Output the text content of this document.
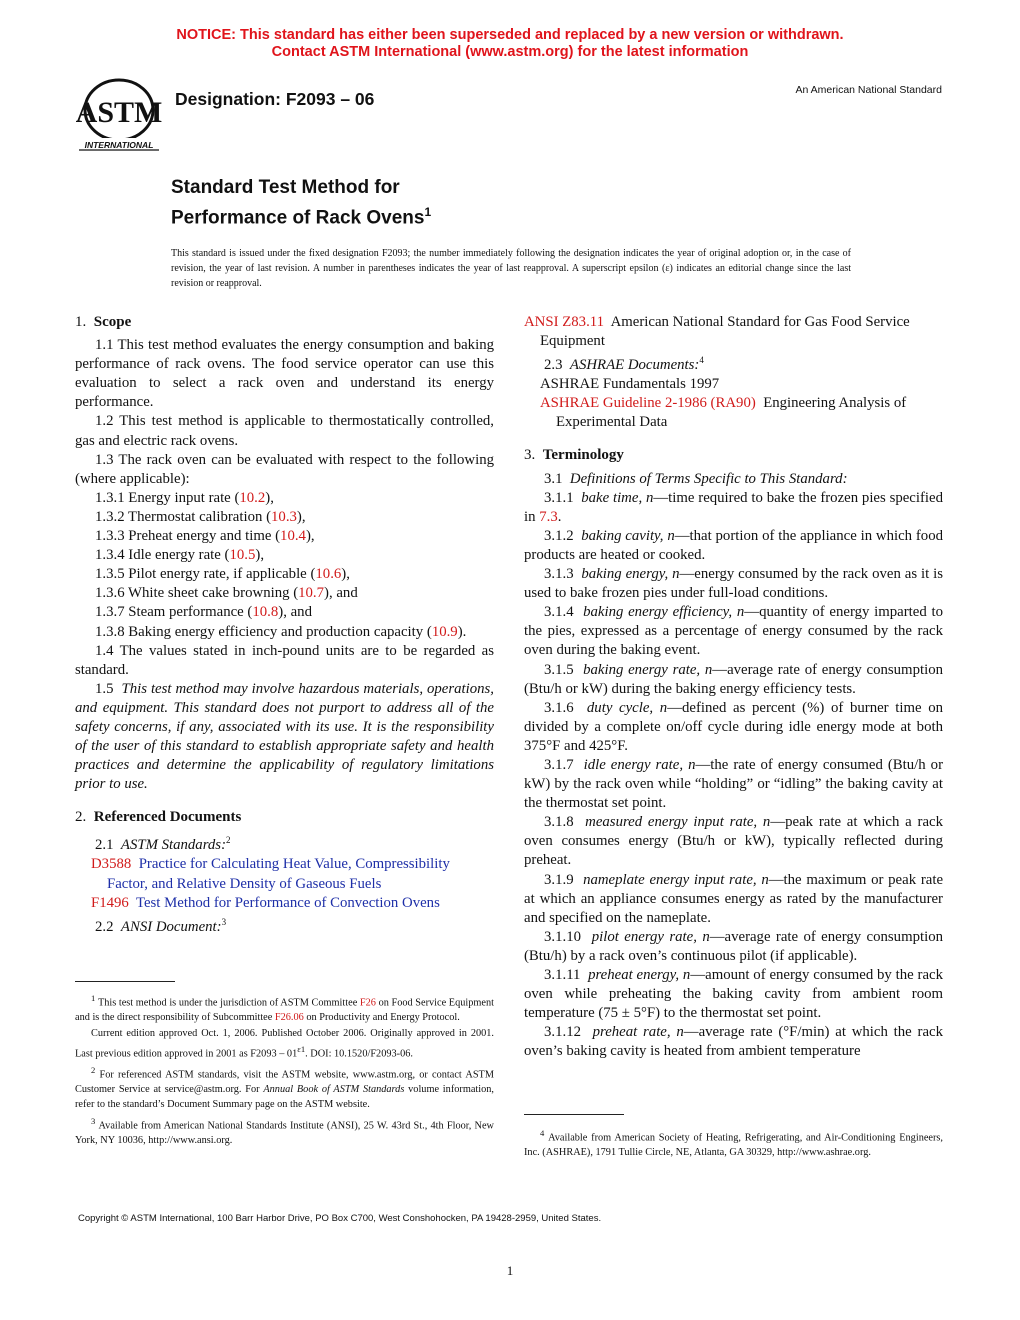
NOTICE: This standard has either been superseded and replaced by a new version or withdrawn.
Contact ASTM International (www.astm.org) for the latest information
ASTM
INTERNATIONAL
Designation: F2093 – 06	An American National Standard
Standard Test Method for
Performance of Rack Ovens$^1$
This standard is issued under the fixed designation F2093; the number immediately following the designation indicates the year of original adoption or, in the case of revision, the year of last revision. A number in parentheses indicates the year of last reapproval. A superscript epsilon (ε) indicates an editorial change since the last revision or reapproval.
1. Scope

1.1 This test method evaluates the energy consumption and baking performance of rack ovens. The food service operator can use this evaluation to select a rack oven and understand its energy performance.

1.2 This test method is applicable to thermostatically controlled, gas and electric rack ovens.

1.3 The rack oven can be evaluated with respect to the following (where applicable):

1.3.1 Energy input rate (10.2),

1.3.2 Thermostat calibration (10.3),

1.3.3 Preheat energy and time (10.4),

1.3.4 Idle energy rate (10.5),

1.3.5 Pilot energy rate, if applicable (10.6),

1.3.6 White sheet cake browning (10.7), and

1.3.7 Steam performance (10.8), and

1.3.8 Baking energy efficiency and production capacity (10.9).

1.4 The values stated in inch-pound units are to be regarded as standard.

1.5 This test method may involve hazardous materials, operations, and equipment. This standard does not purport to address all of the safety concerns, if any, associated with its use. It is the responsibility of the user of this standard to establish appropriate safety and health practices and determine the applicability of regulatory limitations prior to use.

2. Referenced Documents

2.1 ASTM Standards:$^2$

D3588 Practice for Calculating Heat Value, Compressibility Factor, and Relative Density of Gaseous Fuels

F1496 Test Method for Performance of Convection Ovens

2.2 ANSI Document:$^3$

$^1$ This test method is under the jurisdiction of ASTM Committee F26 on Food Service Equipment and is the direct responsibility of Subcommittee F26.06 on Productivity and Energy Protocol.

Current edition approved Oct. 1, 2006. Published October 2006. Originally approved in 2001. Last previous edition approved in 2001 as $F2093 - 01^{\varepsilon 1}$. DOI: 10.1520/F2093-06.

$^2$ For referenced ASTM standards, visit the ASTM website, www.astm.org, or contact ASTM Customer Service at service@astm.org. For Annual Book of ASTM Standards volume information, refer to the standard’s Document Summary page on the ASTM website.

$^3$ Available from American National Standards Institute (ANSI), 25 W. 43rd St., 4th Floor, New York, NY 10036, http://www.ansi.org.

ANSI Z83.11 American National Standard for Gas Food Service Equipment

2.3 ASHRAE Documents:$^4$

ASHRAE Fundamentals 1997

ASHRAE Guideline 2-1986 (RA90) Engineering Analysis of Experimental Data

3. Terminology

3.1 Definitions of Terms Specific to This Standard:

3.1.1 bake time, n—time required to bake the frozen pies specified in 7.3.

3.1.2 baking cavity, n—that portion of the appliance in which food products are heated or cooked.

3.1.3 baking energy, n—energy consumed by the rack oven as it is used to bake frozen pies under full-load conditions.

3.1.4 baking energy efficiency, n—quantity of energy imparted to the pies, expressed as a percentage of energy consumed by the rack oven during the baking event.

3.1.5 baking energy rate, n—average rate of energy consumption (Btu/h or kW) during the baking energy efficiency tests.

3.1.6 duty cycle, n—defined as percent (%) of burner time on divided by a complete on/off cycle during idle energy mode at both 375°F and 425°F.

3.1.7 idle energy rate, n—the rate of energy consumed (Btu/h or kW) by the rack oven while “holding” or “idling” the baking cavity at the thermostat set point.

3.1.8 measured energy input rate, n—peak rate at which a rack oven consumes energy (Btu/h or kW), typically reflected during preheat.

3.1.9 nameplate energy input rate, n—the maximum or peak rate at which an appliance consumes energy as rated by the manufacturer and specified on the nameplate.

3.1.10 pilot energy rate, n—average rate of energy consumption (Btu/h) by a rack oven’s continuous pilot (if applicable).

3.1.11 preheat energy, n—amount of energy consumed by the rack oven while preheating the baking cavity from ambient room temperature (75 ± 5°F) to the thermostat set point.

3.1.12 preheat rate, n—average rate (°F/min) at which the rack oven’s baking cavity is heated from ambient temperature

$^4$ Available from American Society of Heating, Refrigerating, and Air-Conditioning Engineers, Inc. (ASHRAE), 1791 Tullie Circle, NE, Atlanta, GA 30329, http://www.ashrae.org.

Copyright © ASTM International, 100 Barr Harbor Drive, PO Box C700, West Conshohocken, PA 19428-2959, United States.
1
